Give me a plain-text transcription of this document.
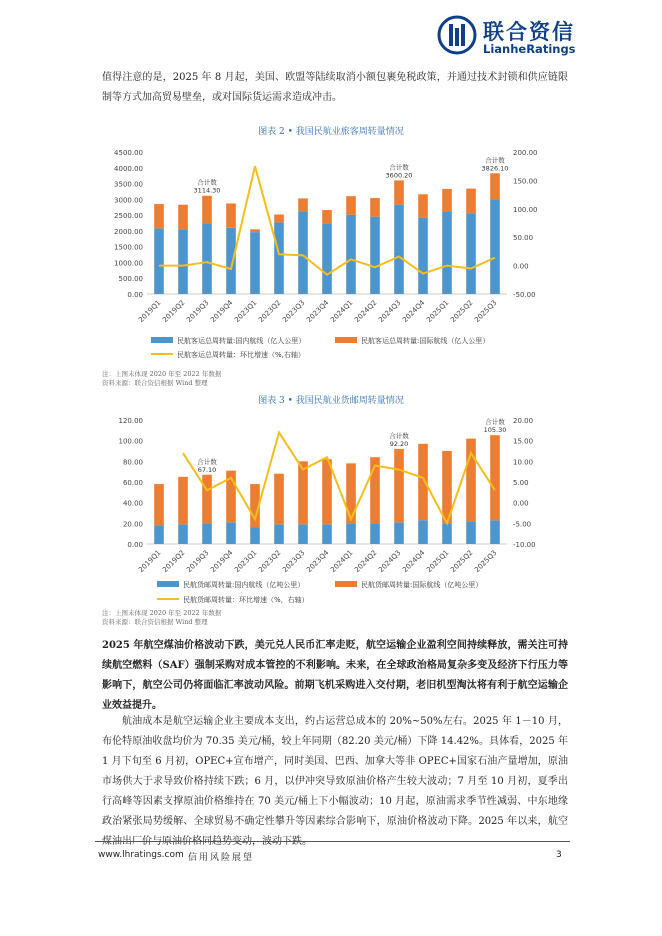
联合资信
LianheRatings
值得注意的是，2025 年 8 月起，美国、欧盟等陆续取消小额包裹免税政策，并通过技术封锁和供应链限制等方式加高贸易壁垒，或对国际货运需求造成冲击。
图表 2 • 我国民航业旅客周转量情况
4500.00
4000.00
3500.00
3000.00
2500.00
2000.00
1500.00
1000.00
500.00
0.00
200.00
150.00
100.00
50.00
0.00
-50.00
2019Q1
2019Q2
2019Q3
2019Q4
2023Q1
2023Q2
2023Q3
2023Q4
2024Q1
2024Q2
2024Q3
2024Q4
2025Q1
2025Q2
2025Q3
合计数
3114.30
合计数
3600.20
合计数
3826.10
民航客运总周转量:国内航线（亿人公里）	民航客运总周转量:国际航线（亿人公里）
民航客运总周转量：环比增速（%,右轴）
注：上图未体现 2020 年至 2022 年数据
资料来源：联合资信根据 Wind 整理
图表 3 • 我国民航业货邮周转量情况
120.00
100.00
80.00
60.00
40.00
20.00
0.00
20.00
15.00
10.00
5.00
0.00
-5.00
-10.00
2019Q1
2019Q2
2019Q3
2019Q4
2023Q1
2023Q2
2023Q3
2023Q4
2024Q1
2024Q2
2024Q3
2024Q4
2025Q1
2025Q2
2025Q3
合计数
67.10
合计数
92.20
合计数
105.30
民航货邮周转量:国内航线（亿吨公里）	民航货邮周转量:国际航线（亿吨公里）
民航货邮周转量：环比增速（%，右轴）
注：上图未体现 2020 年至 2022 年数据
资料来源：联合资信根据 Wind 整理
2025 年航空煤油价格波动下跌，美元兑人民币汇率走贬，航空运输企业盈利空间持续释放，需关注可持续航空燃料（SAF）强制采购对成本管控的不利影响。未来，在全球政治格局复杂多变及经济下行压力等影响下，航空公司仍将面临汇率波动风险。前期飞机采购进入交付期，老旧机型淘汰将有利于航空运输企业效益提升。
航油成本是航空运输企业主要成本支出，约占运营总成本的 20%~50%左右。2025 年 1－10 月，布伦特原油收盘均价为 70.35 美元/桶，较上年同期（82.20 美元/桶）下降 14.42%。具体看，2025 年 1 月下旬至 6 月初，OPEC+宣布增产，同时美国、巴西、加拿大等非 OPEC+国家石油产量增加，原油市场供大于求导致价格持续下跌；6 月，以伊冲突导致原油价格产生较大波动；7 月至 10 月初，夏季出行高峰等因素支撑原油价格维持在 70 美元/桶上下小幅波动；10 月起，原油需求季节性减弱、中东地缘政治紧张局势缓解、全球贸易不确定性攀升等因素综合影响下，原油价格波动下降。2025 年以来，航空煤油出厂价与原油价格同趋势变动，波动下跌。
www.lhratings.com 信用风险展望	3
